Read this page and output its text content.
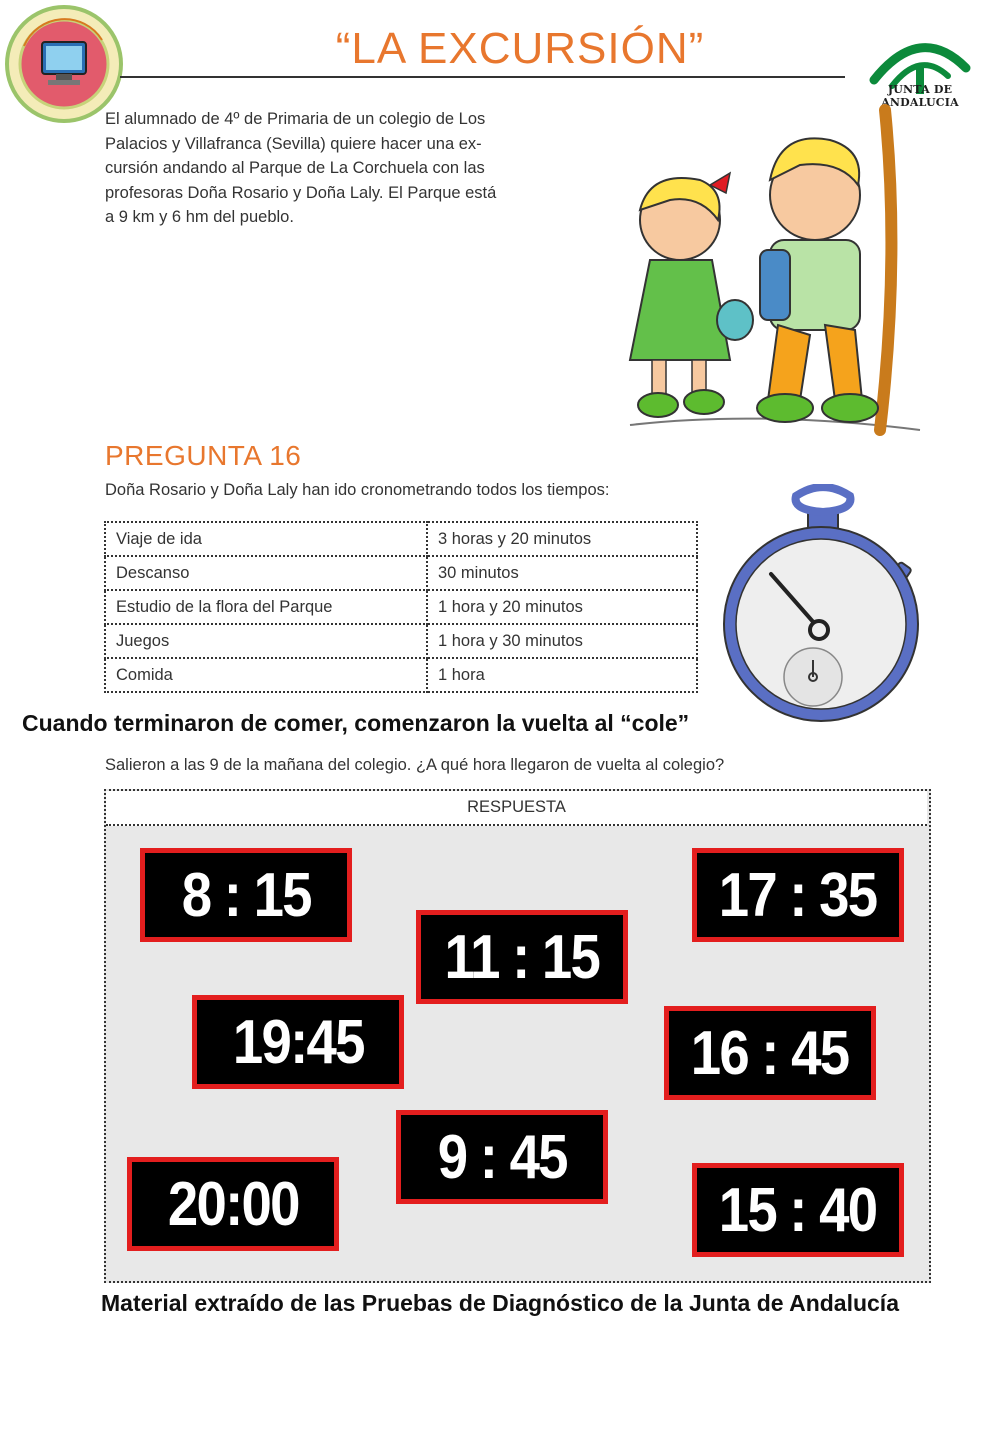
“LA EXCURSIÓN”
JUNTA DE ANDALUCIA
El alumnado de 4º de Primaria de un colegio de Los
Palacios y Villafranca (Sevilla) quiere hacer una ex-
cursión andando al Parque de La Corchuela con las
profesoras Doña Rosario y Doña Laly. El Parque está
a 9 km y 6 hm del pueblo.
PREGUNTA 16
Doña Rosario y Doña Laly han ido cronometrando todos los tiempos:
Viaje de ida	3 horas y 20 minutos
Descanso	30 minutos
Estudio de la flora del Parque	1 hora y 20 minutos
Juegos	1 hora y 30 minutos
Comida	1 hora
Cuando terminaron de comer, comenzaron la vuelta al “cole”
Salieron a las 9 de la mañana del colegio. ¿A qué hora llegaron de vuelta al colegio?
RESPUESTA
8 : 15
11 : 15
17 : 35
19:45	16 : 45
9 : 45
20:00	15 : 40
Material extraído de las Pruebas de Diagnóstico de la Junta de Andalucía
